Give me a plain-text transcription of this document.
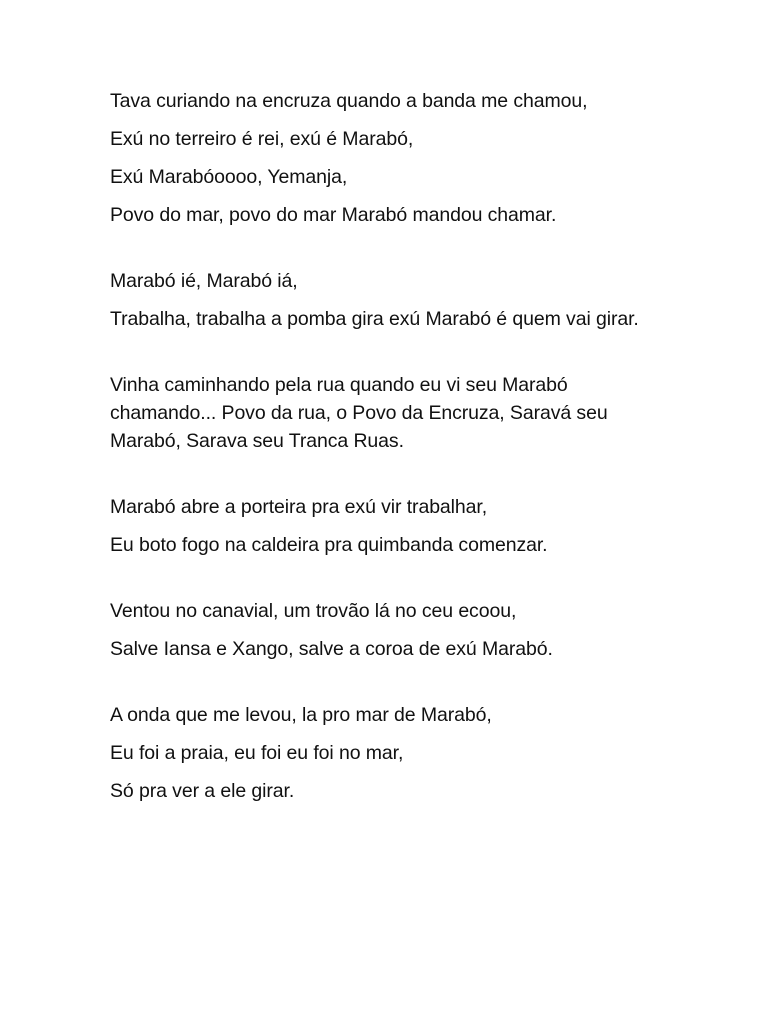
Tava curiando na encruza quando a banda me chamou,
Exú no terreiro é rei, exú é Marabó,
Exú Marabóoooo, Yemanja,
Povo do mar, povo do mar Marabó mandou chamar.
Marabó ié, Marabó iá,
Trabalha, trabalha a pomba gira exú Marabó é quem vai girar.
Vinha caminhando pela rua quando eu vi seu Marabó chamando... Povo da rua, o Povo da Encruza, Saravá seu Marabó, Sarava seu Tranca Ruas.
Marabó abre a porteira pra exú vir trabalhar,
Eu boto fogo na caldeira pra quimbanda comenzar.
Ventou no canavial, um trovão lá no ceu ecoou,
Salve Iansa e Xango, salve a coroa de exú Marabó.
A onda que me levou, la pro mar de Marabó,
Eu foi a praia, eu foi eu foi no mar,
Só pra ver a ele girar.
